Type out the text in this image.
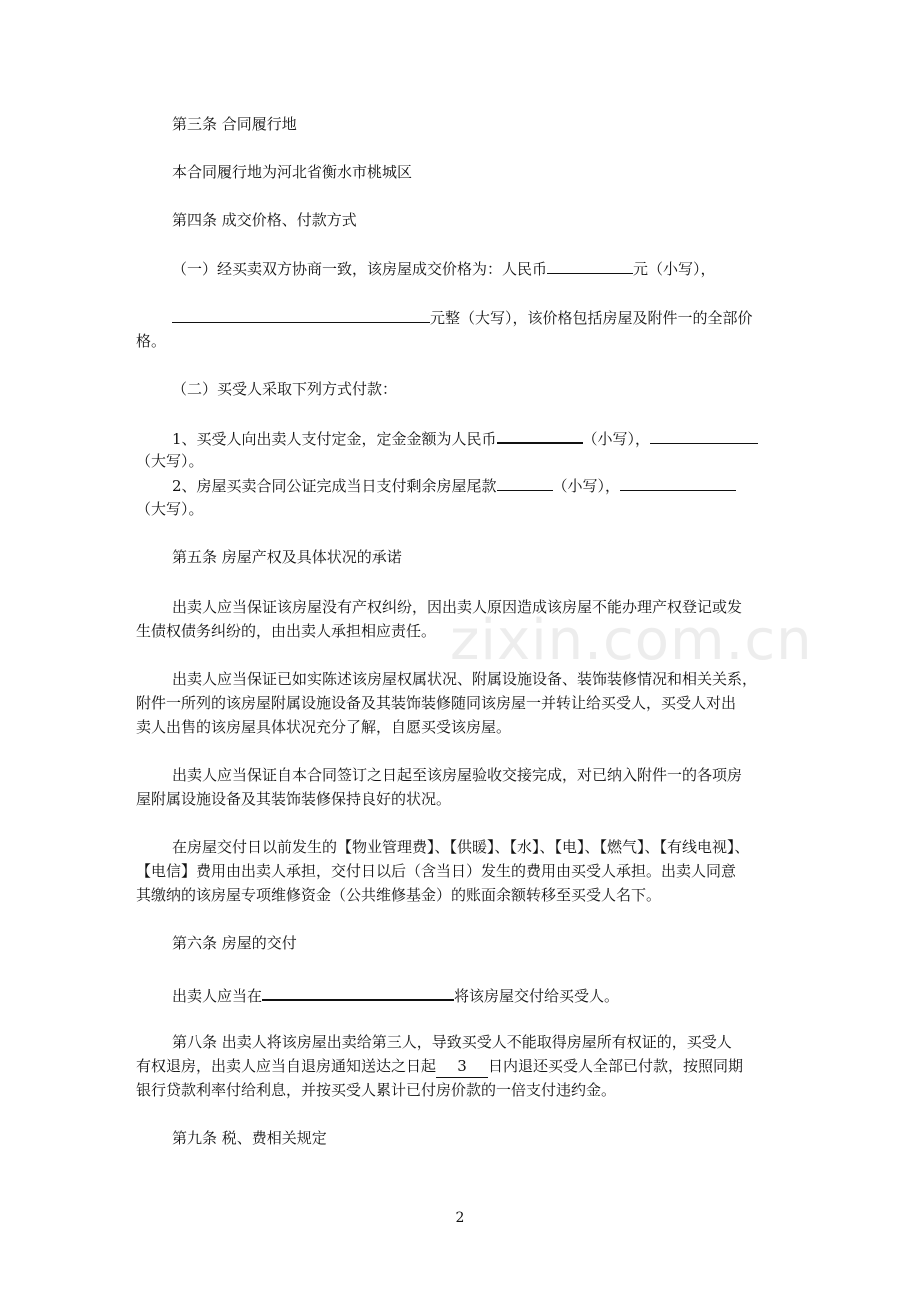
zixin.com.cn
第三条 合同履行地
本合同履行地为河北省衡水市桃城区
第四条 成交价格、付款方式
（一）经买卖双方协商一致，该房屋成交价格为：人民币	元（小写），
元整（大写），该价格包括房屋及附件一的全部价
格。
（二）买受人采取下列方式付款：
1、买受人向出卖人支付定金，定金金额为人民币	（小写），
（大写）。
2、房屋买卖合同公证完成当日支付剩余房屋尾款	（小写），
（大写）。
第五条 房屋产权及具体状况的承诺
出卖人应当保证该房屋没有产权纠纷，因出卖人原因造成该房屋不能办理产权登记或发
生债权债务纠纷的，由出卖人承担相应责任。
出卖人应当保证已如实陈述该房屋权属状况、附属设施设备、装饰装修情况和相关关系，
附件一所列的该房屋附属设施设备及其装饰装修随同该房屋一并转让给买受人，买受人对出
卖人出售的该房屋具体状况充分了解，自愿买受该房屋。
出卖人应当保证自本合同签订之日起至该房屋验收交接完成，对已纳入附件一的各项房
屋附属设施设备及其装饰装修保持良好的状况。
在房屋交付日以前发生的【物业管理费】、【供暖】、【水】、【电】、【燃气】、【有线电视】、
【电信】费用由出卖人承担，交付日以后（含当日）发生的费用由买受人承担。出卖人同意
其缴纳的该房屋专项维修资金（公共维修基金）的账面余额转移至买受人名下。
第六条 房屋的交付
出卖人应当在	将该房屋交付给买受人。
第八条 出卖人将该房屋出卖给第三人，导致买受人不能取得房屋所有权证的，买受人
有权退房，出卖人应当自退房通知送达之日起 3 日内退还买受人全部已付款，按照同期
银行贷款利率付给利息，并按买受人累计已付房价款的一倍支付违约金。
第九条 税、费相关规定
2
